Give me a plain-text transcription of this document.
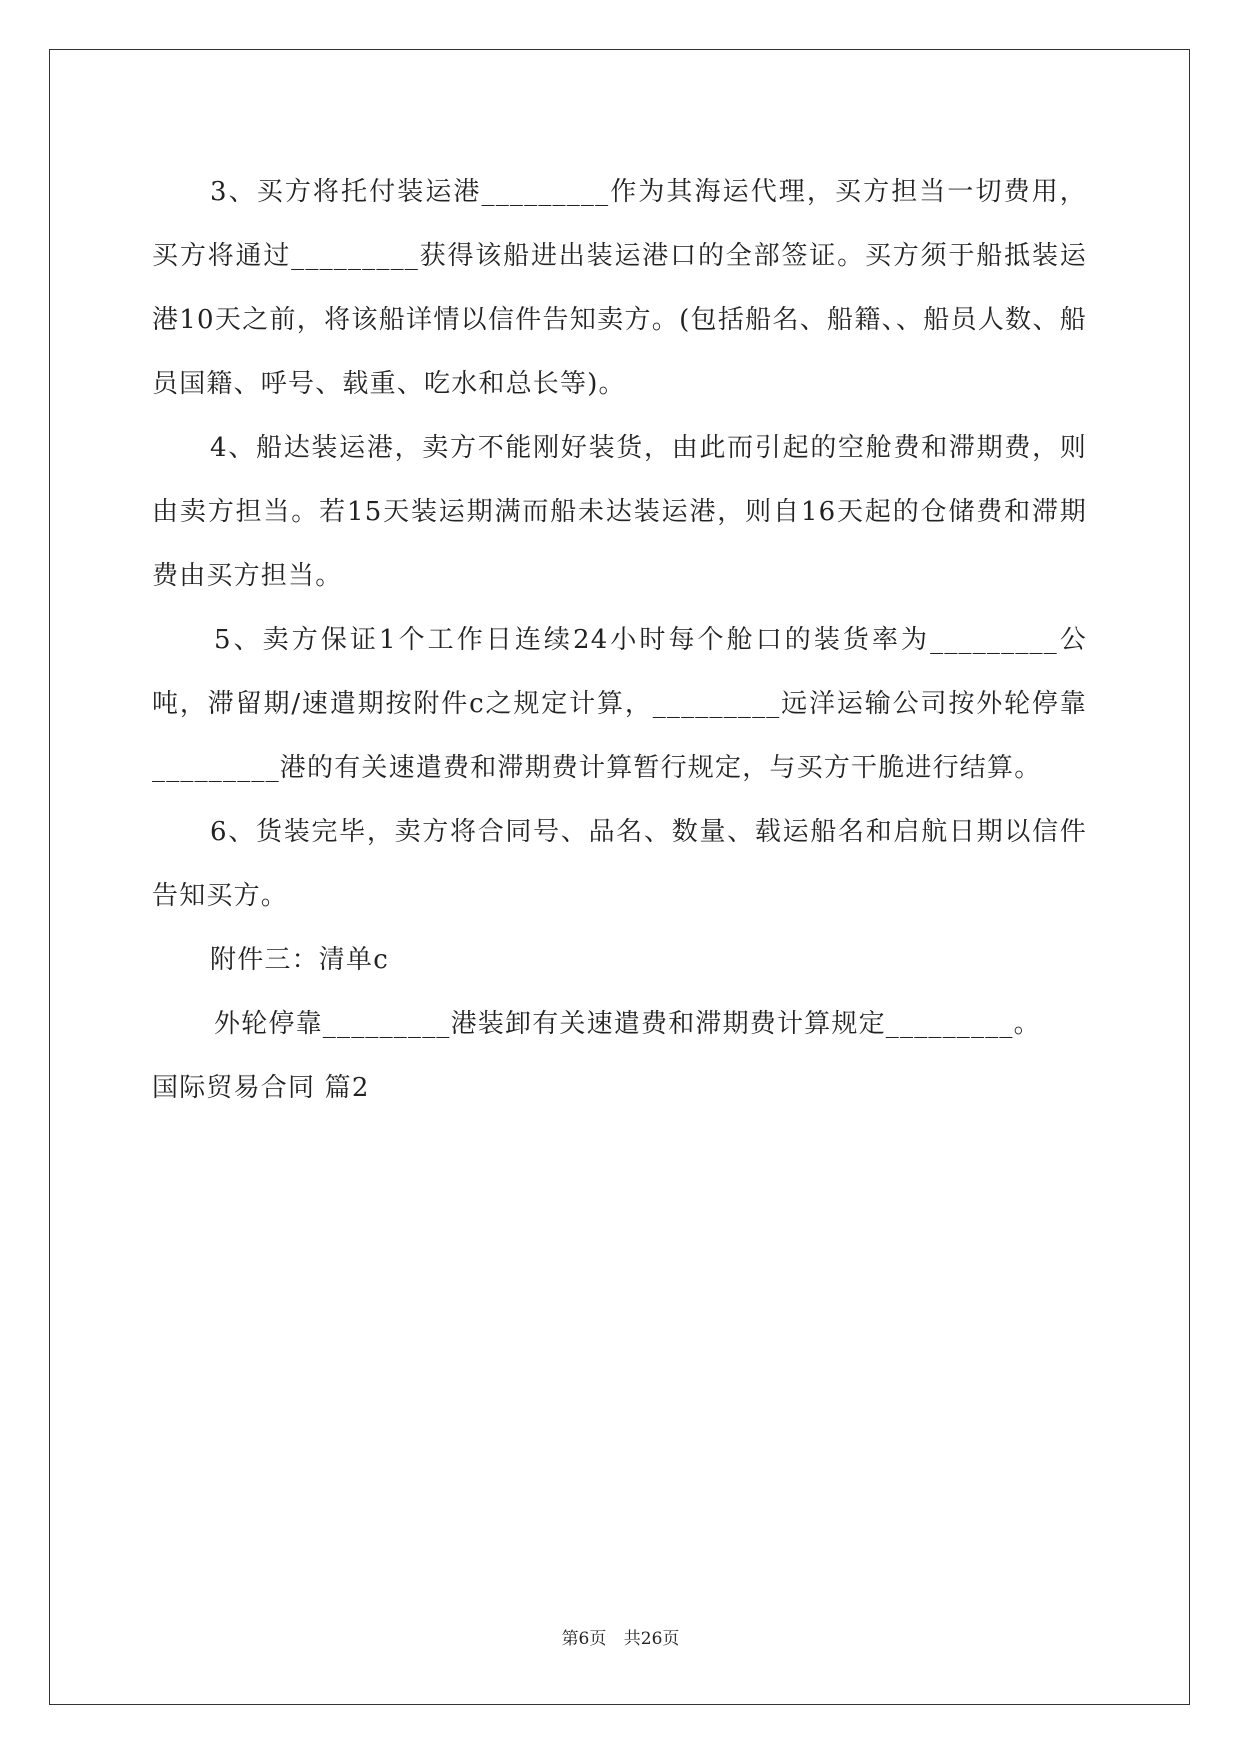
3、买方将托付装运港_________作为其海运代理，买方担当一切费用，买方将通过_________获得该船进出装运港口的全部签证。买方须于船抵装运港10天之前，将该船详情以信件告知卖方。(包括船名、船籍、、船员人数、船员国籍、呼号、载重、吃水和总长等)。

4、船达装运港，卖方不能刚好装货，由此而引起的空舱费和滞期费，则由卖方担当。若15天装运期满而船未达装运港，则自16天起的仓储费和滞期费由买方担当。

5、卖方保证1个工作日连续24小时每个舱口的装货率为_________公吨，滞留期/速遣期按附件c之规定计算，_________远洋运输公司按外轮停靠_________港的有关速遣费和滞期费计算暂行规定，与买方干脆进行结算。

6、货装完毕，卖方将合同号、品名、数量、载运船名和启航日期以信件告知买方。

附件三：清单c

外轮停靠_________港装卸有关速遣费和滞期费计算规定_________。

国际贸易合同 篇2

第6页 共26页
